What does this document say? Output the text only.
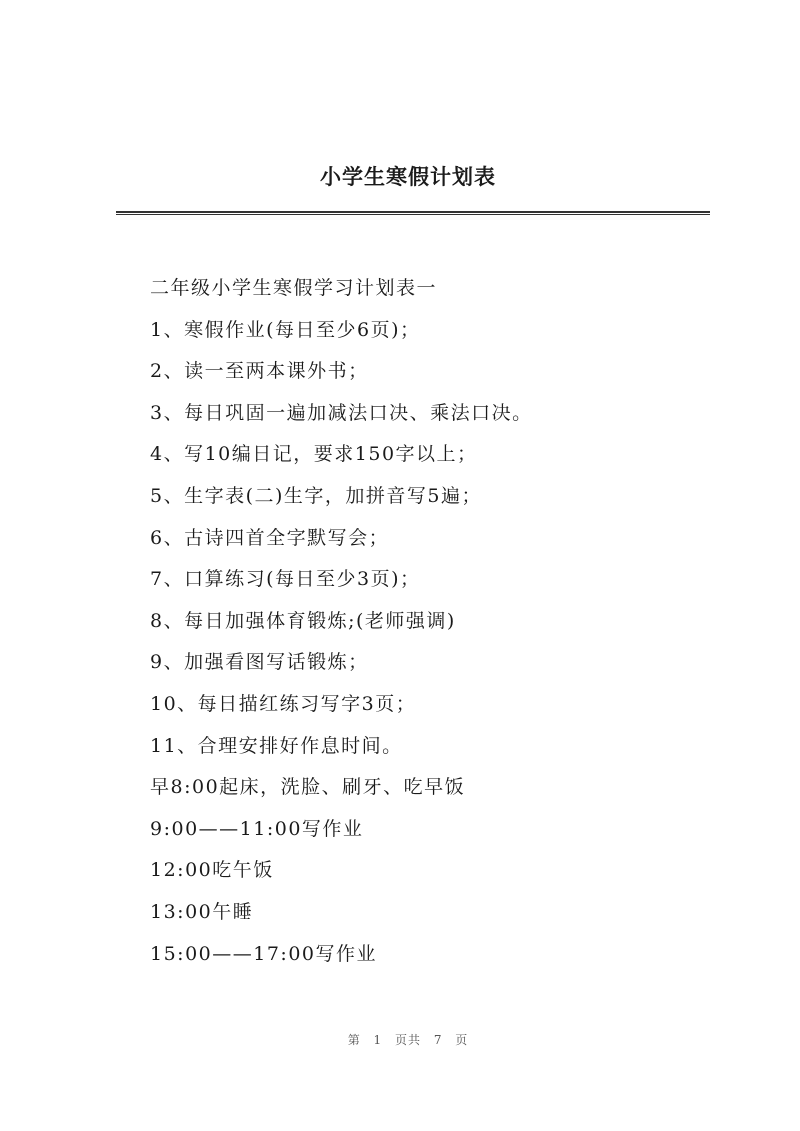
小学生寒假计划表
二年级小学生寒假学习计划表一
1、寒假作业(每日至少6页)；
2、读一至两本课外书；
3、每日巩固一遍加减法口决、乘法口决。
4、写10编日记，要求150字以上；
5、生字表(二)生字，加拼音写5遍；
6、古诗四首全字默写会；
7、口算练习(每日至少3页)；
8、每日加强体育锻炼;(老师强调)
9、加强看图写话锻炼；
10、每日描红练习写字3页；
11、合理安排好作息时间。
早8:00起床，洗脸、刷牙、吃早饭
9:00——11:00写作业
12:00吃午饭
13:00午睡
15:00——17:00写作业
第 1 页共 7 页
